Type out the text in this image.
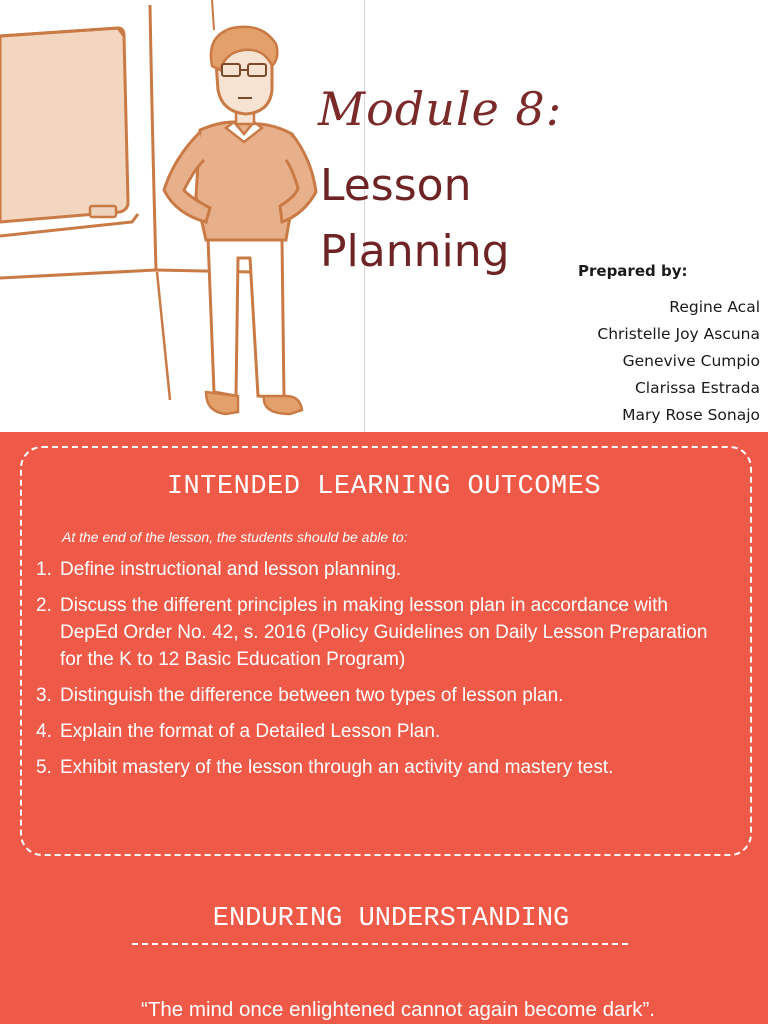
Module 8:
Lesson
Planning	Prepared by:
Regine Acal
Christelle Joy Ascuna
Genevive Cumpio
Clarissa Estrada
Mary Rose Sonajo
INTENDED LEARNING OUTCOMES
At the end of the lesson, the students should be able to:
1. Define instructional and lesson planning.
2. Discuss the different principles in making lesson plan in accordance with DepEd Order No. 42, s. 2016 (Policy Guidelines on Daily Lesson Preparation for the K to 12 Basic Education Program)
3. Distinguish the difference between two types of lesson plan.
4. Explain the format of a Detailed Lesson Plan.
5. Exhibit mastery of the lesson through an activity and mastery test.
ENDURING UNDERSTANDING
“The mind once enlightened cannot again become dark”.
